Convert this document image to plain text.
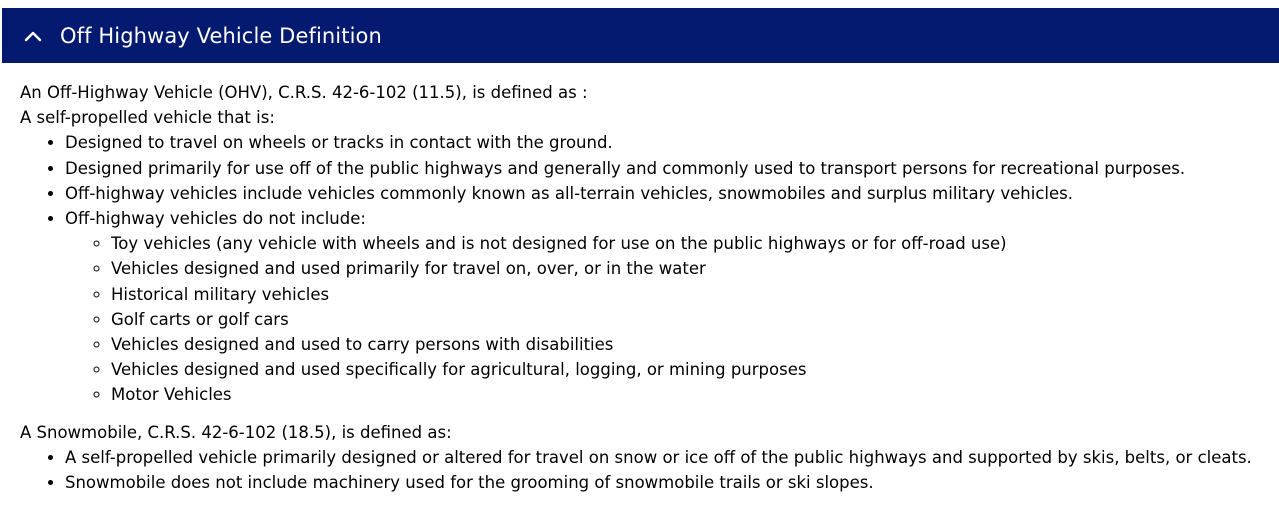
Off Highway Vehicle Definition

An Off-Highway Vehicle (OHV), C.R.S. 42-6-102 (11.5), is defined as :

A self-propelled vehicle that is:

• Designed to travel on wheels or tracks in contact with the ground.
• Designed primarily for use off of the public highways and generally and commonly used to transport persons for recreational purposes.
• Off-highway vehicles include vehicles commonly known as all-terrain vehicles, snowmobiles and surplus military vehicles.
• Off-highway vehicles do not include:
◦ Toy vehicles (any vehicle with wheels and is not designed for use on the public highways or for off-road use)
◦ Vehicles designed and used primarily for travel on, over, or in the water
◦ Historical military vehicles
◦ Golf carts or golf cars
◦ Vehicles designed and used to carry persons with disabilities
◦ Vehicles designed and used specifically for agricultural, logging, or mining purposes
◦ Motor Vehicles

A Snowmobile, C.R.S. 42-6-102 (18.5), is defined as:

• A self-propelled vehicle primarily designed or altered for travel on snow or ice off of the public highways and supported by skis, belts, or cleats.
• Snowmobile does not include machinery used for the grooming of snowmobile trails or ski slopes.
